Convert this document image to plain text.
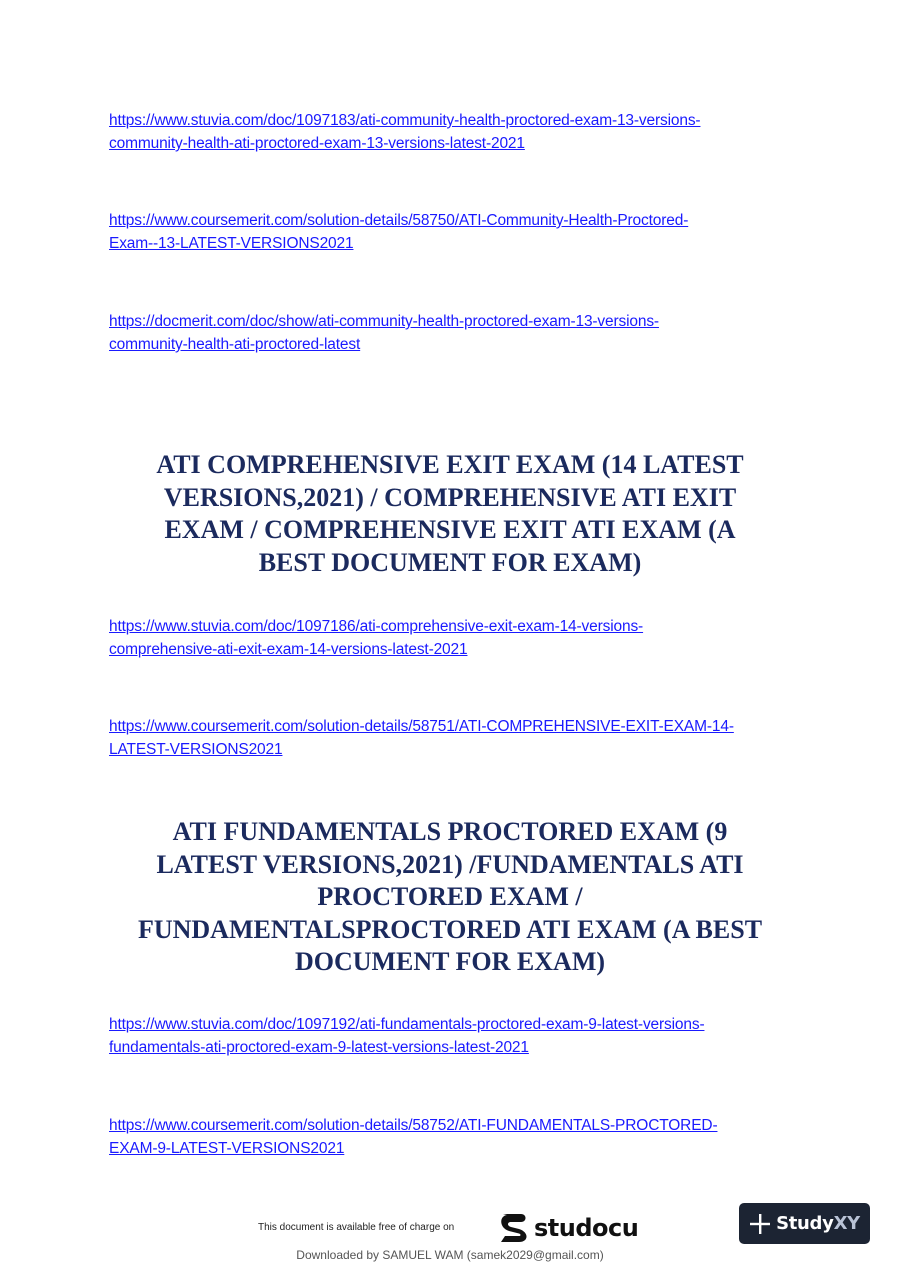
https://www.stuvia.com/doc/1097183/ati-community-health-proctored-exam-13-versions-
community-health-ati-proctored-exam-13-versions-latest-2021

https://www.coursemerit.com/solution-details/58750/ATI-Community-Health-Proctored-
Exam--13-LATEST-VERSIONS2021

https://docmerit.com/doc/show/ati-community-health-proctored-exam-13-versions-
community-health-ati-proctored-latest

ATI COMPREHENSIVE EXIT EXAM (14 LATEST
VERSIONS,2021) / COMPREHENSIVE ATI EXIT
EXAM / COMPREHENSIVE EXIT ATI EXAM (A
BEST DOCUMENT FOR EXAM)

https://www.stuvia.com/doc/1097186/ati-comprehensive-exit-exam-14-versions-
comprehensive-ati-exit-exam-14-versions-latest-2021

https://www.coursemerit.com/solution-details/58751/ATI-COMPREHENSIVE-EXIT-EXAM-14-
LATEST-VERSIONS2021

ATI FUNDAMENTALS PROCTORED EXAM (9
LATEST VERSIONS,2021) /FUNDAMENTALS ATI
PROCTORED EXAM /
FUNDAMENTALSPROCTORED ATI EXAM (A BEST
DOCUMENT FOR EXAM)

https://www.stuvia.com/doc/1097192/ati-fundamentals-proctored-exam-9-latest-versions-
fundamentals-ati-proctored-exam-9-latest-versions-latest-2021

https://www.coursemerit.com/solution-details/58752/ATI-FUNDAMENTALS-PROCTORED-
EXAM-9-LATEST-VERSIONS2021

This document is available free of charge on	studocu	StudyXY
Downloaded by SAMUEL WAM (samek2029@gmail.com)
